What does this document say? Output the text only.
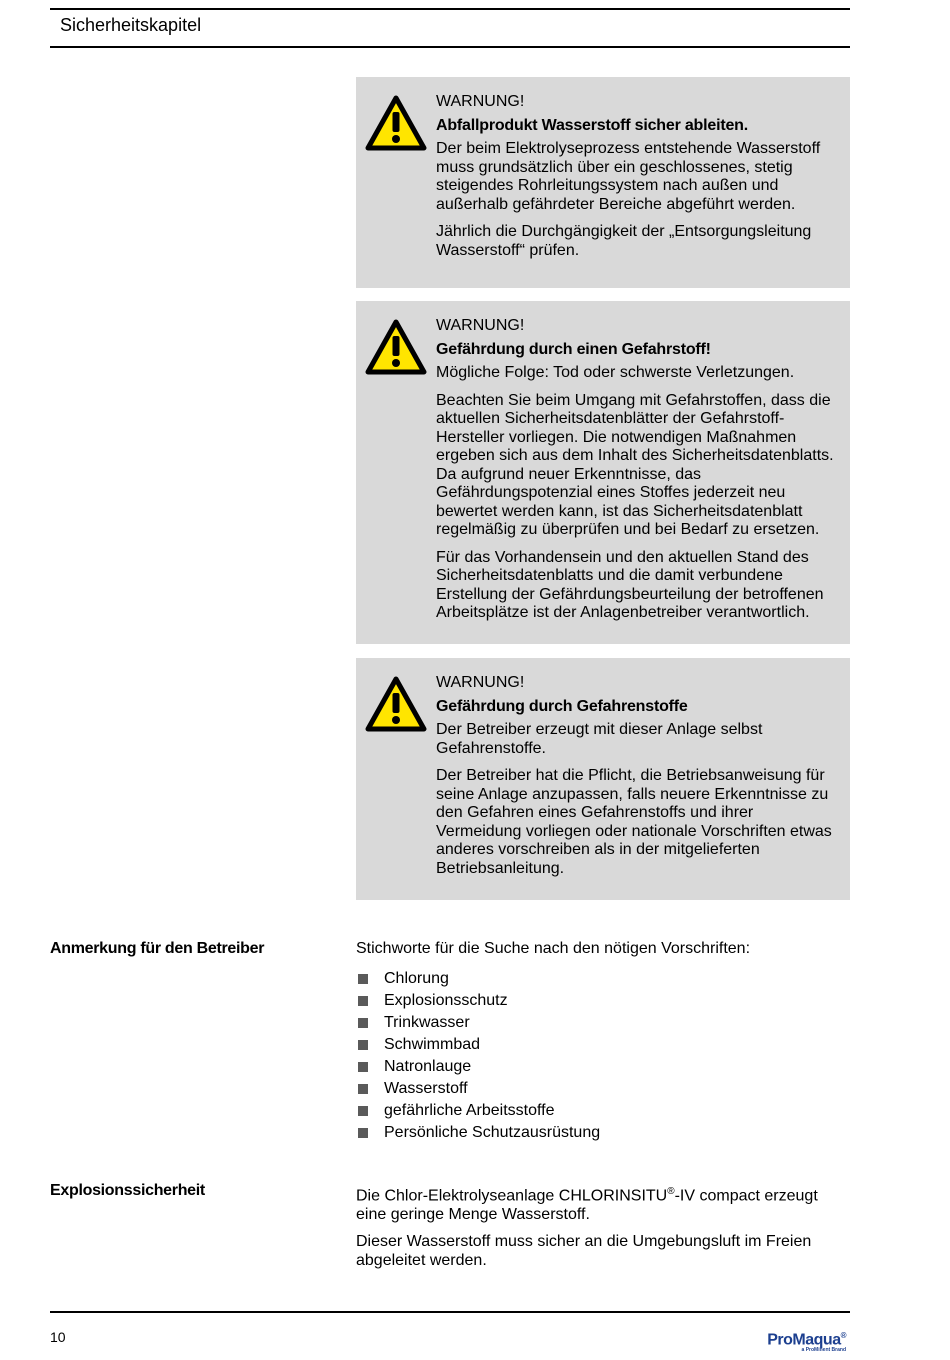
Sicherheitskapitel

WARNUNG!

Abfallprodukt Wasserstoff sicher ableiten.

Der beim Elektrolyseprozess entstehende Wasserstoff muss grundsätzlich über ein geschlossenes, stetig steigendes Rohrleitungssystem nach außen und außerhalb gefährdeter Bereiche abgeführt werden.

Jährlich die Durchgängigkeit der „Entsorgungsleitung Wasserstoff“ prüfen.

WARNUNG!

Gefährdung durch einen Gefahrstoff!

Mögliche Folge: Tod oder schwerste Verletzungen.

Beachten Sie beim Umgang mit Gefahrstoffen, dass die aktuellen Sicherheitsdatenblätter der Gefahrstoff-Hersteller vorliegen. Die notwendigen Maßnahmen ergeben sich aus dem Inhalt des Sicherheitsdatenblatts. Da aufgrund neuer Erkenntnisse, das Gefährdungspotenzial eines Stoffes jederzeit neu bewertet werden kann, ist das Sicherheitsdatenblatt regelmäßig zu überprüfen und bei Bedarf zu ersetzen.

Für das Vorhandensein und den aktuellen Stand des Sicherheitsdatenblatts und die damit verbundene Erstellung der Gefährdungsbeurteilung der betroffenen Arbeitsplätze ist der Anlagenbetreiber verantwortlich.

WARNUNG!

Gefährdung durch Gefahrenstoffe

Der Betreiber erzeugt mit dieser Anlage selbst Gefahrenstoffe.

Der Betreiber hat die Pflicht, die Betriebsanweisung für seine Anlage anzupassen, falls neuere Erkenntnisse zu den Gefahren eines Gefahrenstoffs und ihrer Vermeidung vorliegen oder nationale Vorschriften etwas anderes vorschreiben als in der mitgelieferten Betriebsanleitung.

Anmerkung für den Betreiber	Stichworte für die Suche nach den nötigen Vorschriften:

Chlorung
Explosionsschutz
Trinkwasser
Schwimmbad
Natronlauge
Wasserstoff
gefährliche Arbeitsstoffe
Persönliche Schutzausrüstung
Explosionssicherheit	Die Chlor-Elektrolyseanlage CHLORINSITU®-IV compact erzeugt eine geringe Menge Wasserstoff.

Dieser Wasserstoff muss sicher an die Umgebungsluft im Freien abgeleitet werden.

10	ProMaqua®
a ProMinent Brand
